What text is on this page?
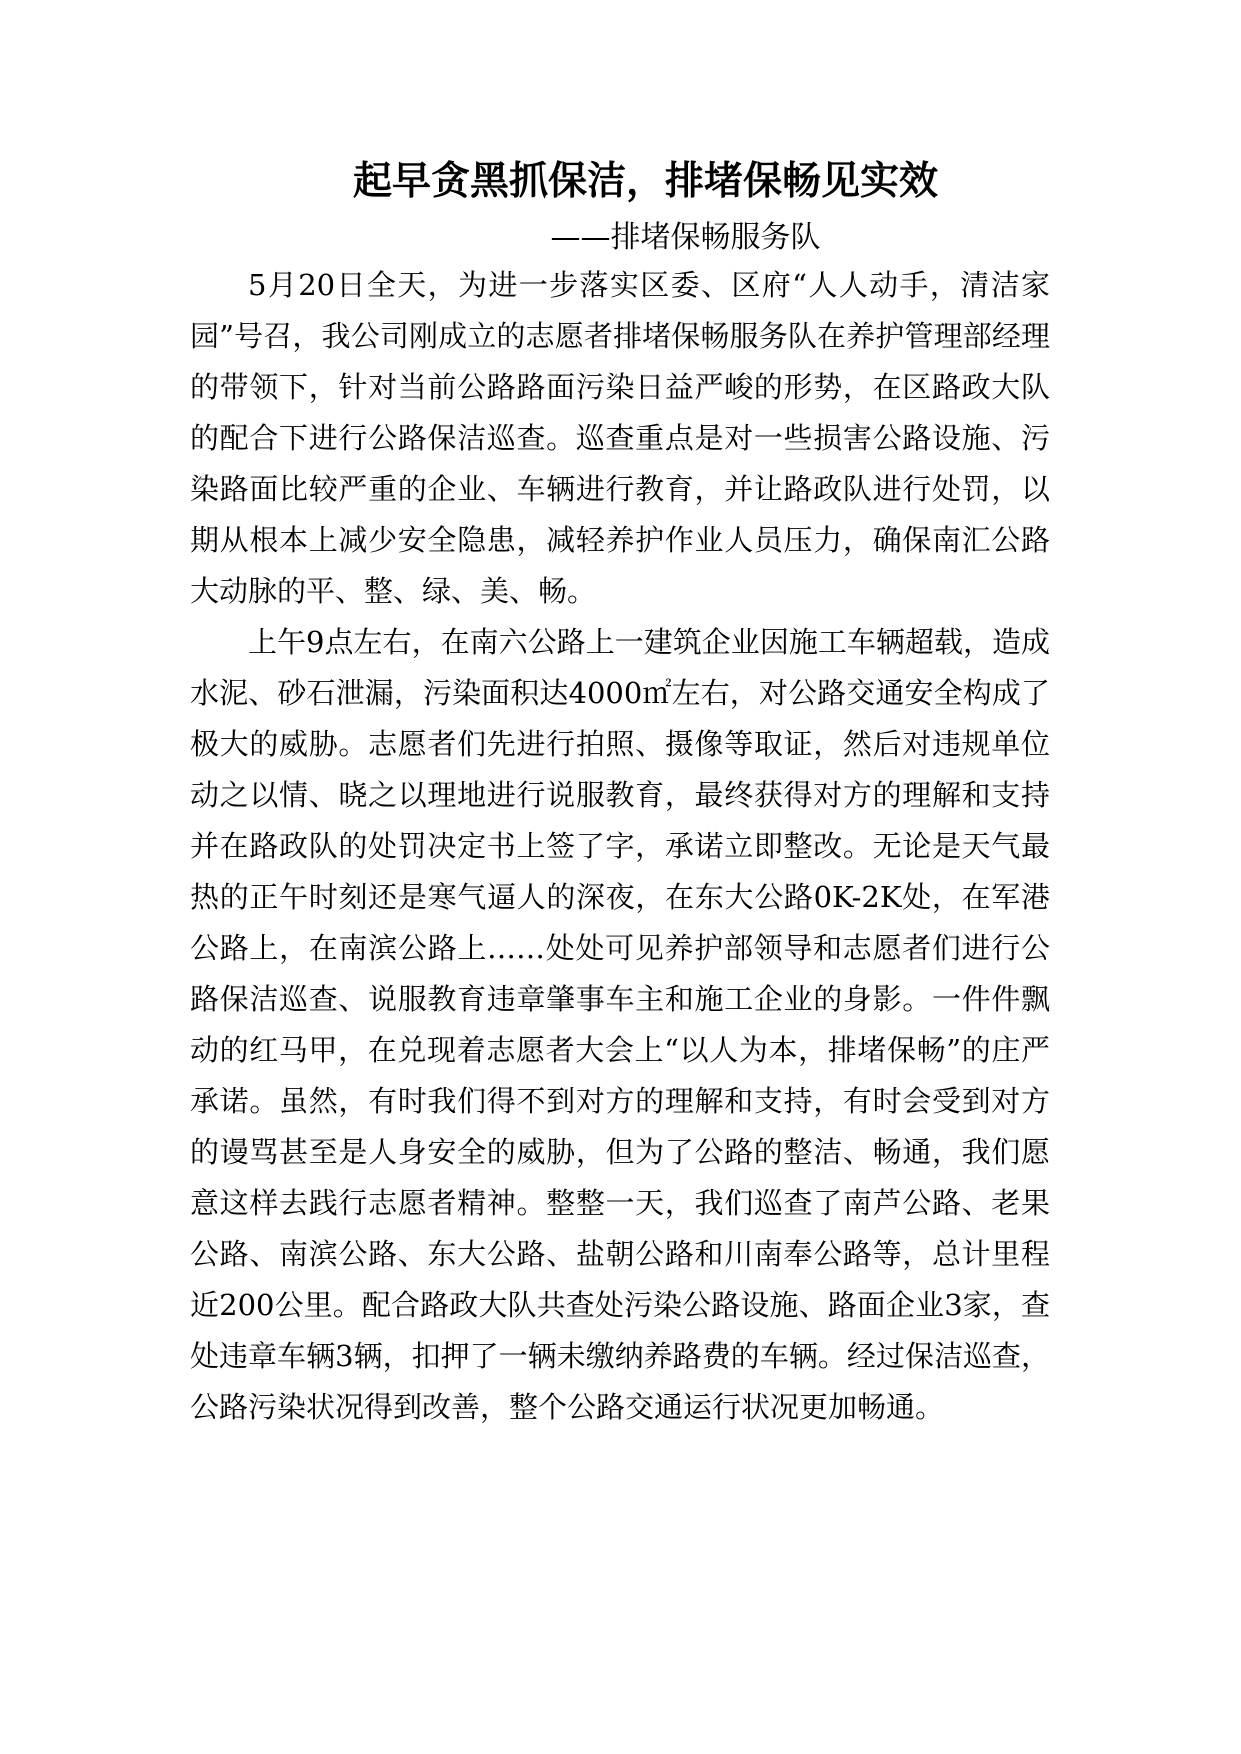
起早贪黑抓保洁，排堵保畅见实效
——排堵保畅服务队

5月20日全天，为进一步落实区委、区府“人人动手，清洁家园”号召，我公司刚成立的志愿者排堵保畅服务队在养护管理部经理的带领下，针对当前公路路面污染日益严峻的形势，在区路政大队的配合下进行公路保洁巡查。巡查重点是对一些损害公路设施、污染路面比较严重的企业、车辆进行教育，并让路政队进行处罚，以期从根本上减少安全隐患，减轻养护作业人员压力，确保南汇公路大动脉的平、整、绿、美、畅。

上午9点左右，在南六公路上一建筑企业因施工车辆超载，造成水泥、砂石泄漏，污染面积达4000㎡左右，对公路交通安全构成了极大的威胁。志愿者们先进行拍照、摄像等取证，然后对违规单位动之以情、晓之以理地进行说服教育，最终获得对方的理解和支持并在路政队的处罚决定书上签了字，承诺立即整改。无论是天气最热的正午时刻还是寒气逼人的深夜，在东大公路0K-2K处，在军港公路上，在南滨公路上……处处可见养护部领导和志愿者们进行公路保洁巡查、说服教育违章肇事车主和施工企业的身影。一件件飘动的红马甲，在兑现着志愿者大会上“以人为本，排堵保畅”的庄严承诺。虽然，有时我们得不到对方的理解和支持，有时会受到对方的谩骂甚至是人身安全的威胁，但为了公路的整洁、畅通，我们愿意这样去践行志愿者精神。整整一天，我们巡查了南芦公路、老果公路、南滨公路、东大公路、盐朝公路和川南奉公路等，总计里程近200公里。配合路政大队共查处污染公路设施、路面企业3家，查处违章车辆3辆，扣押了一辆未缴纳养路费的车辆。经过保洁巡查，公路污染状况得到改善，整个公路交通运行状况更加畅通。
